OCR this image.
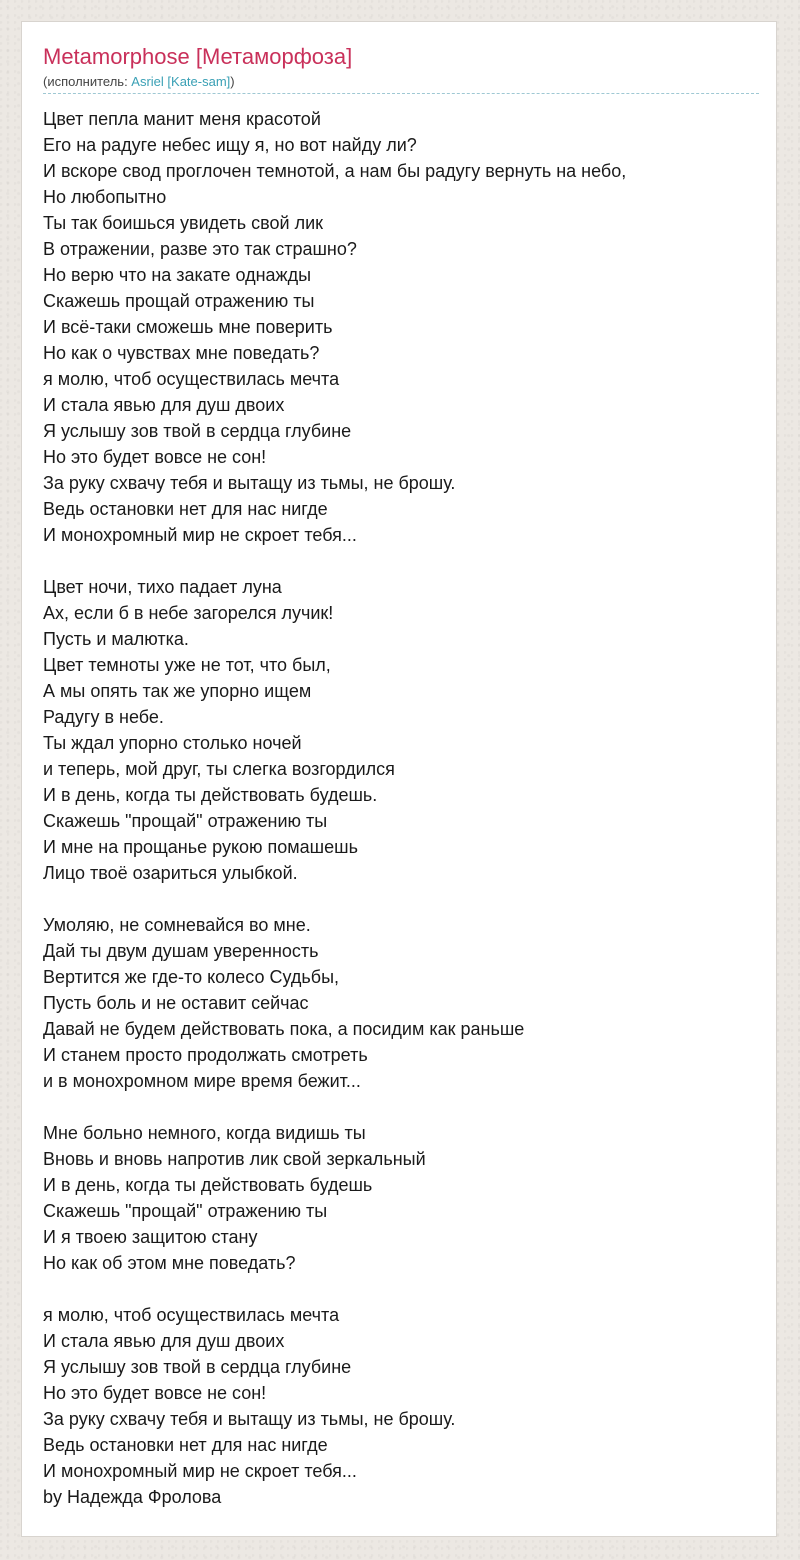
Metamorphose [Метаморфоза]
(исполнитель: Asriel [Kate-sam])
Цвет пепла манит меня красотой
Его на радуге небес ищу я, но вот найду ли?
И вскоре свод проглочен темнотой, а нам бы радугу вернуть на небо,
Но любопытно
Ты так боишься увидеть свой лик
В отражении, разве это так страшно?
Но верю что на закате однажды
Скажешь прощай отражению ты
И всё-таки сможешь мне поверить
Но как о чувствах мне поведать?
я молю, чтоб осуществилась мечта
И стала явью для душ двоих
Я услышу зов твой в сердца глубине
Но это будет вовсе не сон!
За руку схвачу тебя и вытащу из тьмы, не брошу.
Ведь остановки нет для нас нигде
И монохромный мир не скроет тебя...
Цвет ночи, тихо падает луна
Ах, если б в небе загорелся лучик!
Пусть и малютка.
Цвет темноты уже не тот, что был,
А мы опять так же упорно ищем
Радугу в небе.
Ты ждал упорно столько ночей
и теперь, мой друг, ты слегка возгордился
И в день, когда ты действовать будешь.
Скажешь "прощай" отражению ты
И мне на прощанье рукою помашешь
Лицо твоё озариться улыбкой.
Умоляю, не сомневайся во мне.
Дай ты двум душам уверенность
Вертится же где-то колесо Судьбы,
Пусть боль и не оставит сейчас
Давай не будем действовать пока, а посидим как раньше
И станем просто продолжать смотреть
и в монохромном мире время бежит...
Мне больно немного, когда видишь ты
Вновь и вновь напротив лик свой зеркальный
И в день, когда ты действовать будешь
Скажешь "прощай" отражению ты
И я твоею защитою стану
Но как об этом мне поведать?
я молю, чтоб осуществилась мечта
И стала явью для душ двоих
Я услышу зов твой в сердца глубине
Но это будет вовсе не сон!
За руку схвачу тебя и вытащу из тьмы, не брошу.
Ведь остановки нет для нас нигде
И монохромный мир не скроет тебя...
by Надежда Фролова
